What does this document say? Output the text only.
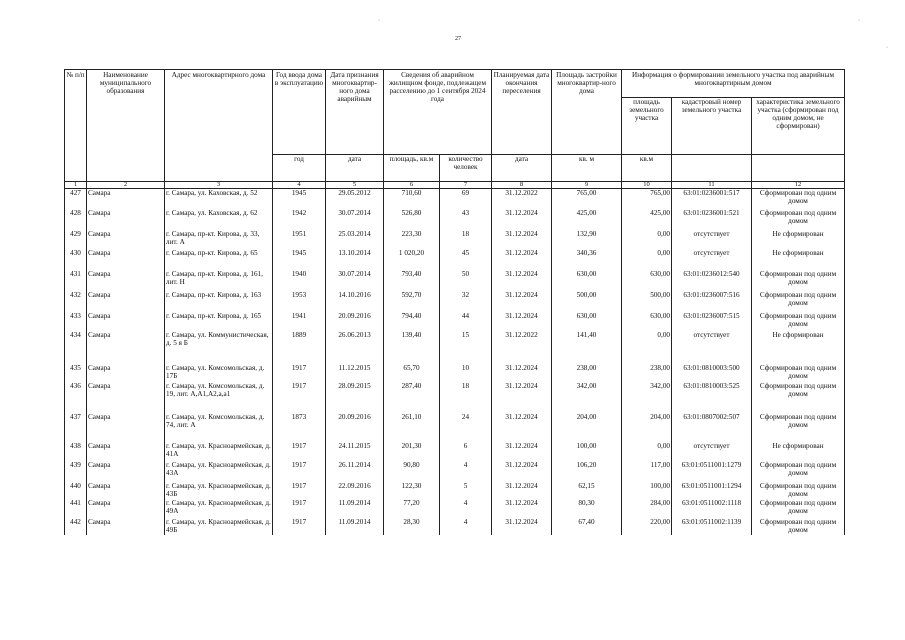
27
·	·
·
№ п/п	Наименование муниципального образования	Адрес многоквартирного дома	Год ввода дома в эксплуатацию	Дата признания многоквартир-ного дома аварийным	Сведения об аварийном жилищном фонде, подлежащем расселению до 1 сентября 2024 года		Планируемая дата окончания переселения	Площадь застройки многоквартир-ного дома	Информация о формировании земельного участка под аварийным многоквартирным домом		
									площадь земельного участка	кадастровый номер земельного участка	характеристика земельного участка (сформирован под одним домом, не сформирован)
			год	дата	площадь, кв.м	количество человек	дата	кв. м	кв.м		
1	2	3	4	5	6	7	8	9	10	11	12
427	Самара	г. Самара, ул. Каховская, д. 52	1945	29.05.2012	710,60	69	31.12.2022	765,00	765,00	63:01:0236001:517	Сформирован под одним домом
428	Самара	г. Самара, ул. Каховская, д. 62	1942	30.07.2014	526,80	43	31.12.2024	425,00	425,00	63:01:0236001:521	Сформирован под одним домом
429	Самара	г. Самара, пр-кт. Кирова, д. 33, лит. А	1951	25.03.2014	223,30	18	31.12.2024	132,90	0,00	отсутствует	Не сформирован
430	Самара	г. Самара, пр-кт. Кирова, д. 65	1945	13.10.2014	1 020,20	45	31.12.2024	340,36	0,00	отсутствует	Не сформирован
431	Самара	г. Самара, пр-кт. Кирова, д. 161, лит. Н	1940	30.07.2014	793,40	50	31.12.2024	630,00	630,00	63:01:0236012:540	Сформирован под одним домом
432	Самара	г. Самара, пр-кт. Кирова, д. 163	1953	14.10.2016	592,70	32	31.12.2024	500,00	500,00	63:01:0236007:516	Сформирован под одним домом
433	Самара	г. Самара, пр-кт. Кирова, д. 165	1941	20.09.2016	794,40	44	31.12.2024	630,00	630,00	63:01:0236007:515	Сформирован под одним домом
434	Самара	г. Самара, ул. Коммунистическая, д. 5 я Б	1889	26.06.2013	139,40	15	31.12.2022	141,40	0,00	отсутствует	Не сформирован
435	Самара	г. Самара, ул. Комсомольская, д. 17Б	1917	11.12.2015	65,70	10	31.12.2024	238,00	238,00	63:01:0810003:500	Сформирован под одним домом
436	Самара	г. Самара, ул. Комсомольская, д. 19, лит. А,А1,А2,а,а1	1917	28.09.2015	287,40	18	31.12.2024	342,00	342,00	63:01:0810003:525	Сформирован под одним домом
437	Самара	г. Самара, ул. Комсомольская, д. 74, лит. А	1873	20.09.2016	261,10	24	31.12.2024	204,00	204,00	63:01:0807002:507	Сформирован под одним домом
438	Самара	г. Самара, ул. Красноармейская, д. 41А	1917	24.11.2015	201,30	6	31.12.2024	100,00	0,00	отсутствует	Не сформирован
439	Самара	г. Самара, ул. Красноармейская, д. 43А	1917	26.11.2014	90,80	4	31.12.2024	106,20	117,00	63:01:0511001:1279	Сформирован под одним домом
440	Самара	г. Самара, ул. Красноармейская, д. 43Б	1917	22.09.2016	122,30	5	31.12.2024	62,15	100,00	63:01:0511001:1294	Сформирован под одним домом
441	Самара	г. Самара, ул. Красноармейская, д. 49А	1917	11.09.2014	77,20	4	31.12.2024	80,30	284,00	63:01:0511002:1118	Сформирован под одним домом
442	Самара	г. Самара, ул. Красноармейская, д. 49Б	1917	11.09.2014	28,30	4	31.12.2024	67,40	220,00	63:01:0511002:1139	Сформирован под одним домом
